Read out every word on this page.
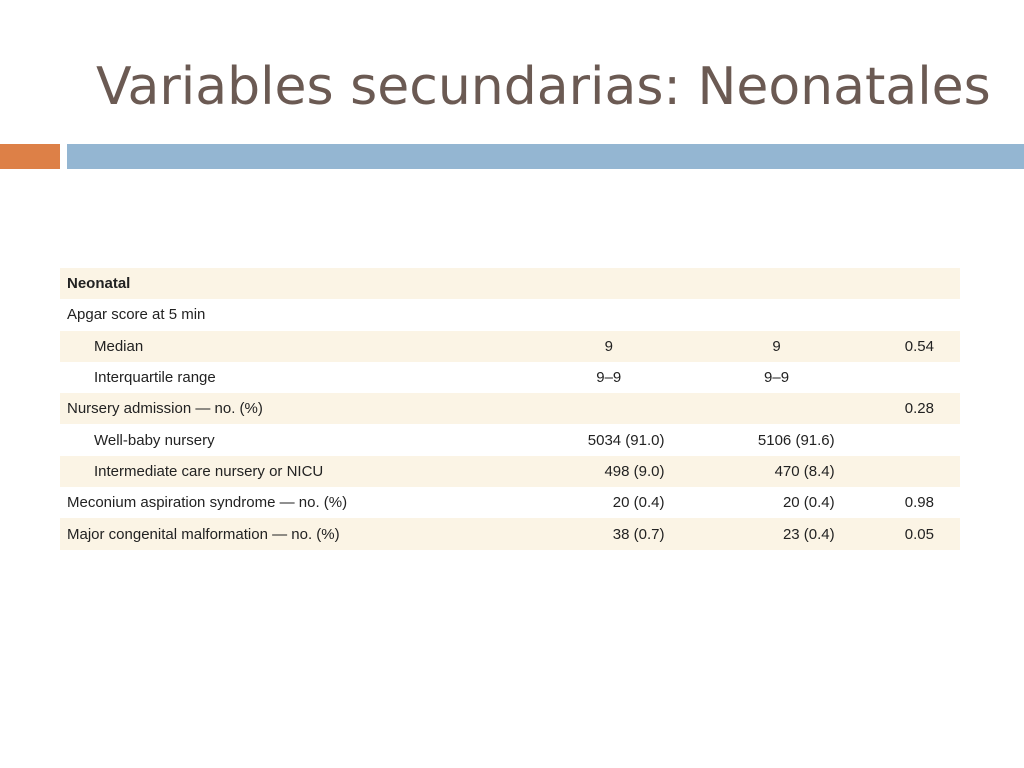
Variables secundarias: Neonatales
Neonatal			
Apgar score at 5 min			
Median	9	9	0.54
Interquartile range	9–9	9–9	
Nursery admission — no. (%)			0.28
Well-baby nursery	5034 (91.0)	5106 (91.6)	
Intermediate care nursery or NICU	498 (9.0)	470 (8.4)	
Meconium aspiration syndrome — no. (%)	20 (0.4)	20 (0.4)	0.98
Major congenital malformation — no. (%)	38 (0.7)	23 (0.4)	0.05
